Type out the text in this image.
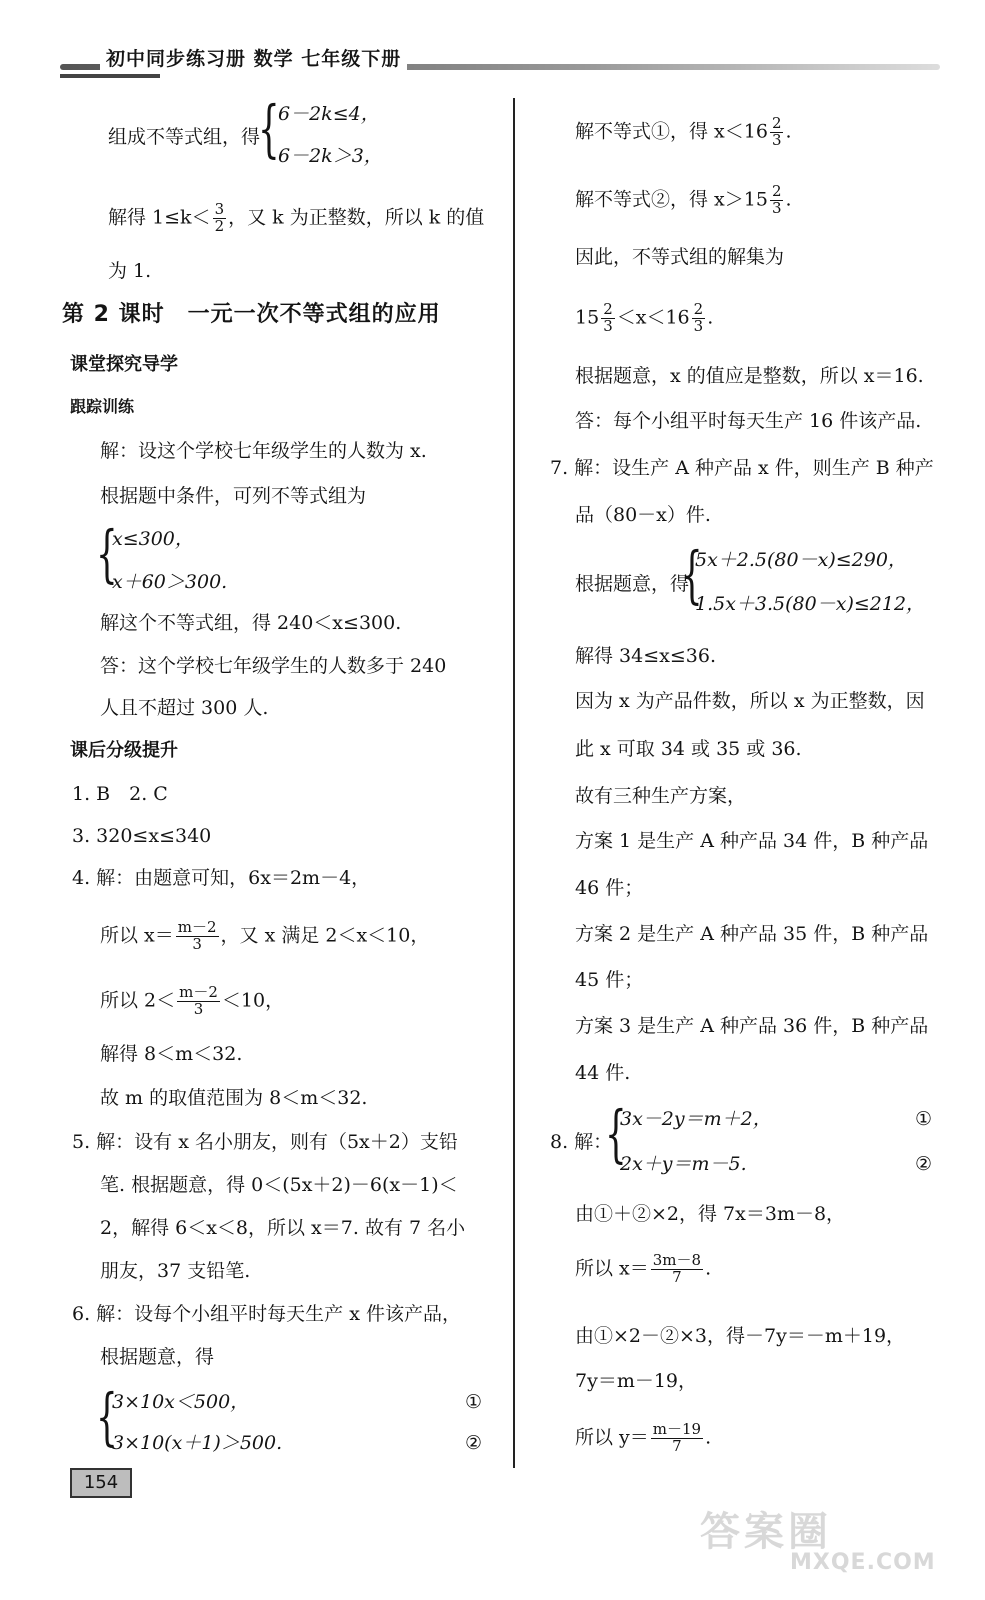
初中同步练习册 数学 七年级下册
组成不等式组，得
{
6－2k≤4，
6－2k＞3，
解得 $1\le k< \frac{3}{2}$ ，又 k 为正整数，所以 k 的值
为 1.
第 2 课时　一元一次不等式组的应用
课堂探究导学
跟踪训练
解：设这个学校七年级学生的人数为 x.
根据题中条件，可列不等式组为
{
x≤300，
x＋60＞300.
解这个不等式组，得 240＜x≤300.
答：这个学校七年级学生的人数多于 240
人且不超过 300 人.
课后分级提升
1. B　2. C
3. 320≤x≤340
4. 解：由题意可知，6x＝2m－4，
所以 $x= \frac{m-2}{3}$ ，又 x 满足 2＜x＜10，
所以 $2< \frac{m-2}{3} <10$，
解得 8＜m＜32.
故 m 的取值范围为 8＜m＜32.
5. 解：设有 x 名小朋友，则有（5x＋2）支铅
笔. 根据题意，得 0＜(5x＋2)－6(x－1)＜
2，解得 6＜x＜8，所以 x＝7. 故有 7 名小
朋友，37 支铅笔.
6. 解：设每个小组平时每天生产 x 件该产品，
根据题意，得
{
3×10x＜500，
3×10(x＋1)＞500.
①
②
154
解不等式①，得 $x<16 \frac{2}{3}$ .
解不等式②，得 $x>15 \frac{2}{3}$ .
因此，不等式组的解集为
$15 \frac{2}{3} <x<16 \frac{2}{3}$ .
根据题意，x 的值应是整数，所以 x＝16.
答：每个小组平时每天生产 16 件该产品.
7. 解：设生产 A 种产品 x 件，则生产 B 种产
品（80－x）件.
根据题意，得
{
5x＋2.5(80－x)≤290，
1.5x＋3.5(80－x)≤212，
解得 34≤x≤36.
因为 x 为产品件数，所以 x 为正整数，因
此 x 可取 34 或 35 或 36.
故有三种生产方案，
方案 1 是生产 A 种产品 34 件，B 种产品
46 件；
方案 2 是生产 A 种产品 35 件，B 种产品
45 件；
方案 3 是生产 A 种产品 36 件，B 种产品
44 件.
8. 解：
{
3x－2y＝m＋2，
2x＋y＝m－5.
①
②
由①＋②×2，得 7x＝3m－8，
所以 $x= \frac{3m-8}{7}$ .
由①×2－②×3，得－7y＝－m＋19，
7y＝m－19，
所以 $y= \frac{m-19}{7}$ .
答案圈
MXQE.COM
